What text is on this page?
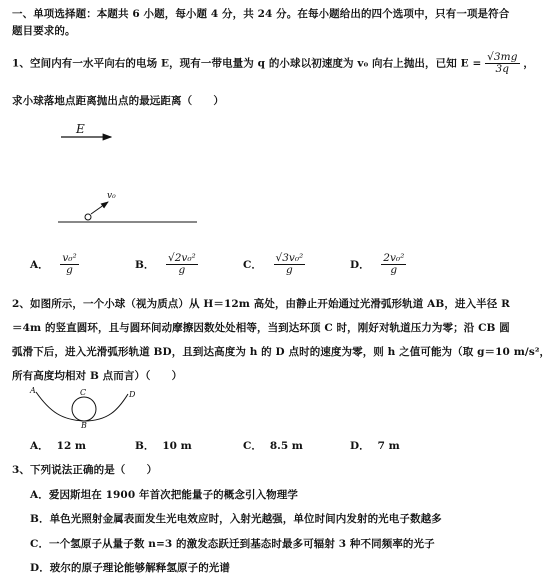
一、单项选择题：本题共 6 小题，每小题 4 分，共 24 分。在每小题给出的四个选项中，只有一项是符合
题目要求的。
1、空间内有一水平向右的电场 E，现有一带电量为 q 的小球以初速度为 v₀ 向右上抛出，已知 $E = \frac{√3mg}{3q}$ ，
求小球落地点距离抛出点的最远距离（　　）
E
v₀
A． $\frac{\text{v₀²}}{g}$	B． $\frac{\text{√2v₀²}}{g}$	C． $\frac{\text{√3v₀²}}{g}$	D． $\frac{\text{2v₀²}}{g}$
2、如图所示，一个小球（视为质点）从 H＝12m 高处，由静止开始通过光滑弧形轨道 AB，进入半径 R
＝4m 的竖直圆环，且与圆环间动摩擦因数处处相等，当到达环顶 C 时，刚好对轨道压力为零；沿 CB 圆
弧滑下后，进入光滑弧形轨道 BD，且到达高度为 h 的 D 点时的速度为零，则 h 之值可能为（取 g＝10 m/s²，
所有高度均相对 B 点而言）（　　）
A	C	D
B
A． 12 m	B． 10 m	C． 8.5 m	D． 7 m
3、下列说法正确的是（　　）
A．爱因斯坦在 1900 年首次把能量子的概念引入物理学
B．单色光照射金属表面发生光电效应时，入射光越强，单位时间内发射的光电子数越多
C．一个氢原子从量子数 n=3 的激发态跃迁到基态时最多可辐射 3 种不同频率的光子
D．玻尔的原子理论能够解释氢原子的光谱
